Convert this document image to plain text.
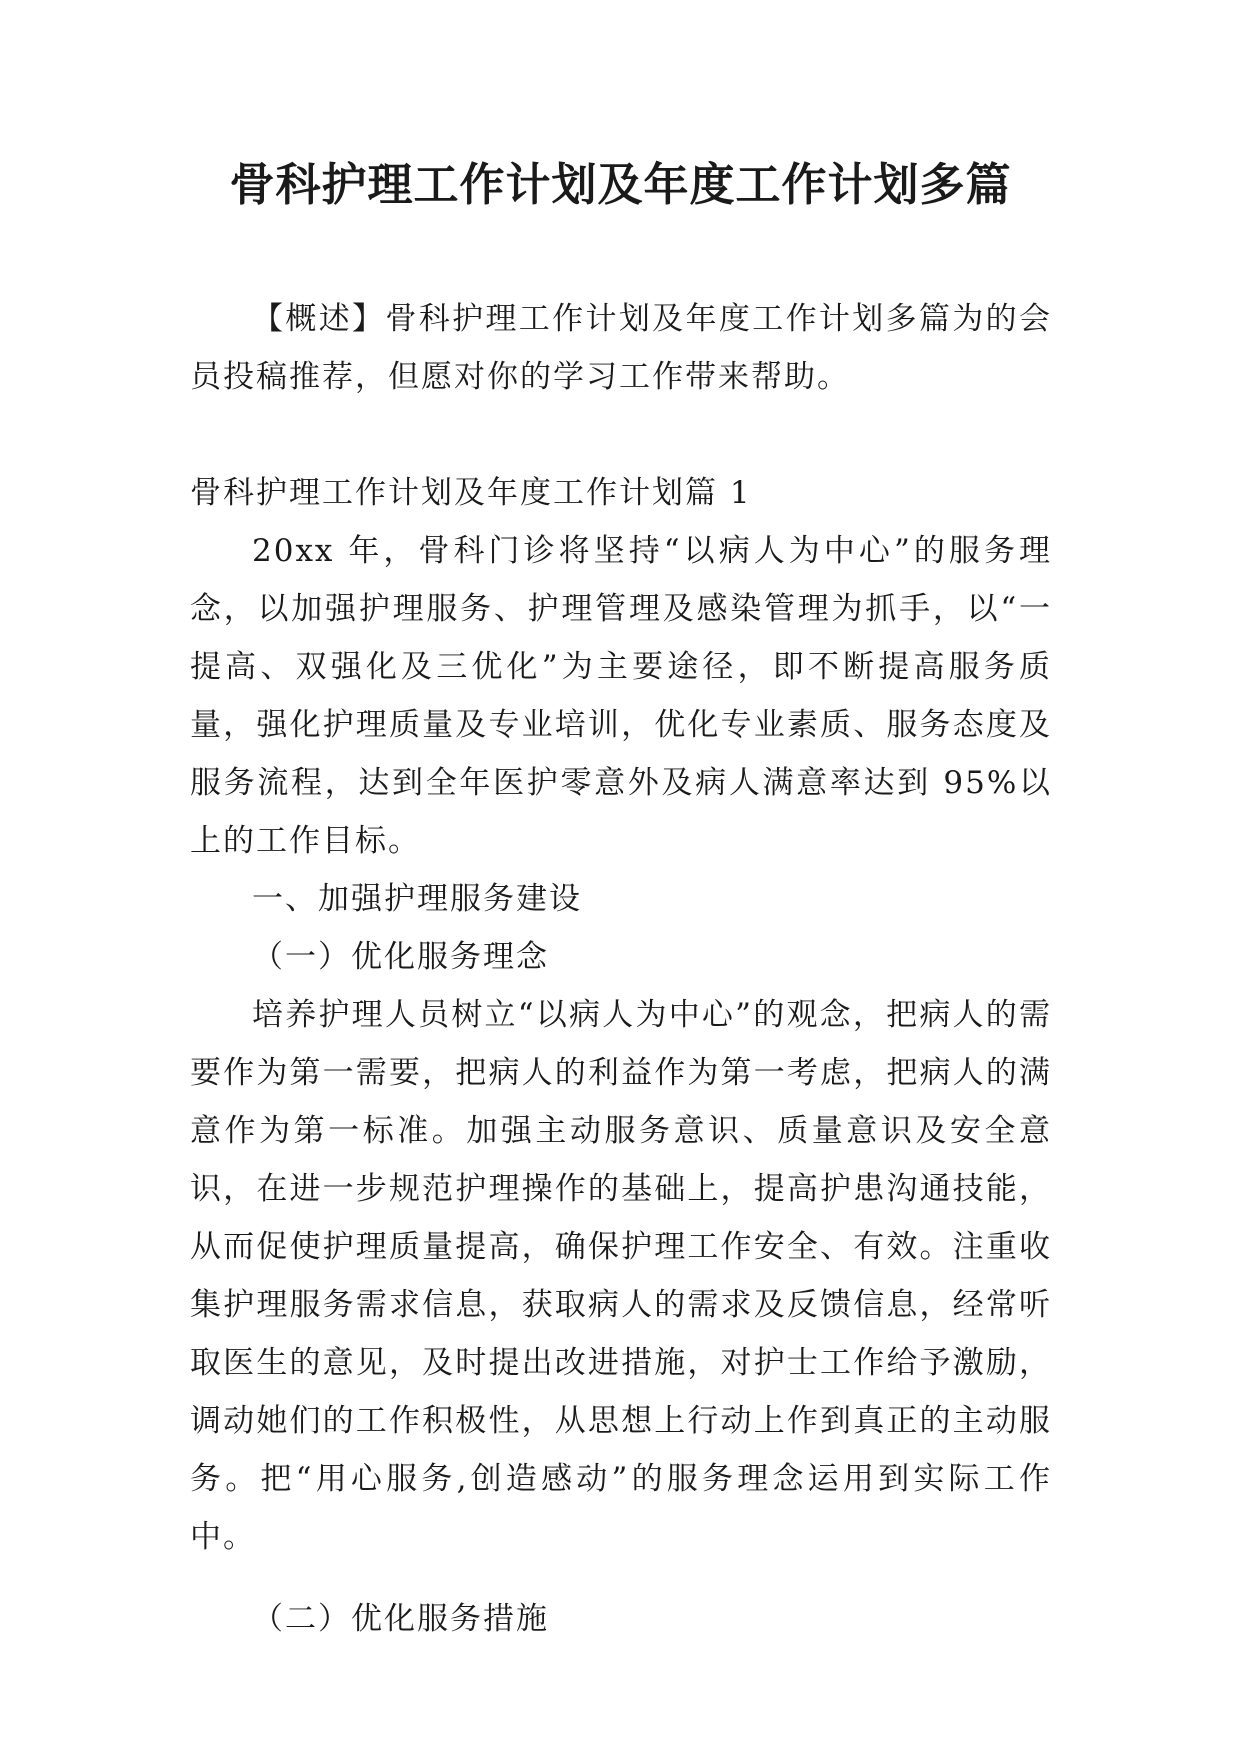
骨科护理工作计划及年度工作计划多篇

【概述】骨科护理工作计划及年度工作计划多篇为的会员投稿推荐，但愿对你的学习工作带来帮助。

骨科护理工作计划及年度工作计划篇 1

20xx 年，骨科门诊将坚持“以病人为中心”的服务理念，以加强护理服务、护理管理及感染管理为抓手，以“一提高、双强化及三优化”为主要途径，即不断提高服务质量，强化护理质量及专业培训，优化专业素质、服务态度及服务流程，达到全年医护零意外及病人满意率达到 95%以上的工作目标。

一、加强护理服务建设

（一）优化服务理念

培养护理人员树立“以病人为中心”的观念，把病人的需要作为第一需要，把病人的利益作为第一考虑，把病人的满意作为第一标准。加强主动服务意识、质量意识及安全意识，在进一步规范护理操作的基础上，提高护患沟通技能，从而促使护理质量提高，确保护理工作安全、有效。注重收集护理服务需求信息，获取病人的需求及反馈信息，经常听取医生的意见，及时提出改进措施，对护士工作给予激励，调动她们的工作积极性，从思想上行动上作到真正的主动服务。把“用心服务,创造感动”的服务理念运用到实际工作中。

（二）优化服务措施
